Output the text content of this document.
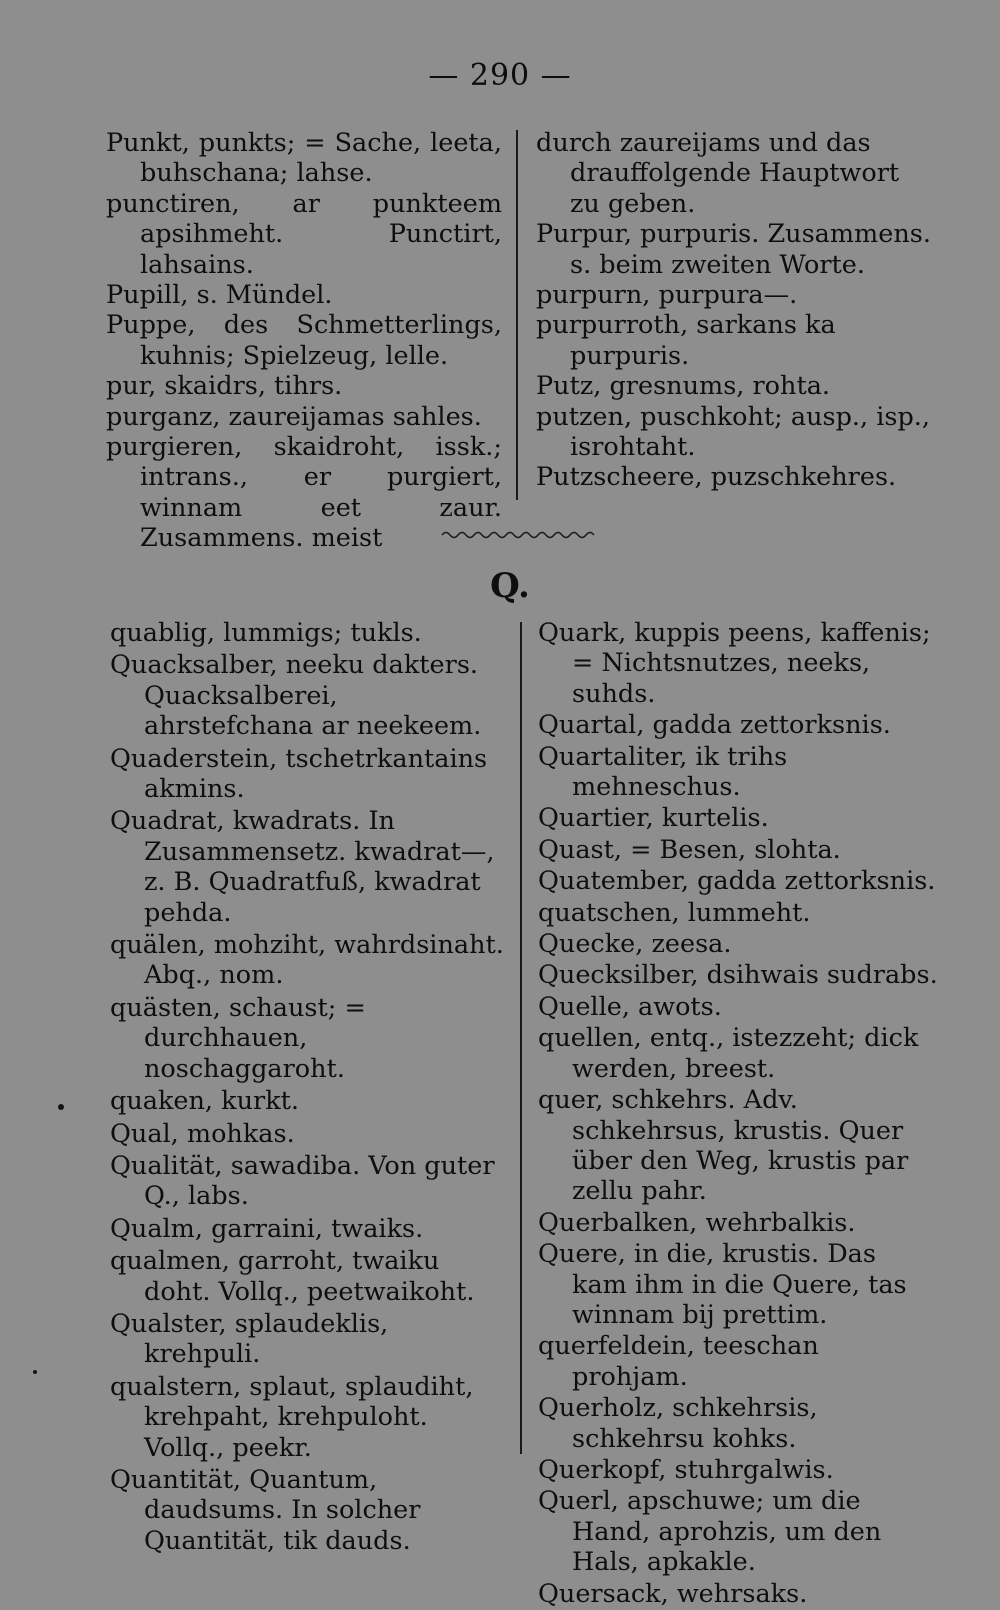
— 290 —

Punkt, punkts; = Sache, leeta, buhschana; lahse.

punctiren, ar punkteem apsihmeht. Punctirt, lahsains.

Pupill, s. Mündel.

Puppe, des Schmetterlings, kuhnis; Spielzeug, lelle.

pur, skaidrs, tihrs.

purganz, zaureijamas sahles.

purgieren, skaidroht, issk.; intrans., er purgiert, winnam eet zaur. Zusammens. meist

durch zaureijams und das drauffolgende Hauptwort zu geben.

Purpur, purpuris. Zusammens. s. beim zweiten Worte.

purpurn, purpura—.

purpurroth, sarkans ka purpuris.

Putz, gresnums, rohta.

putzen, puschkoht; ausp., isp., isrohtaht.

Putzscheere, puzschkehres.

Q.

quablig, lummigs; tukls.

Quacksalber, neeku dakters. Quacksalberei, ahrstefchana ar neekeem.

Quaderstein, tschetrkantains akmins.

Quadrat, kwadrats. In Zusammensetz. kwadrat—, z. B. Quadratfuß, kwadrat pehda.

quälen, mohziht, wahrdsinaht. Abq., nom.

quästen, schaust; = durchhauen, noschaggaroht.

quaken, kurkt.

Qual, mohkas.

Qualität, sawadiba. Von guter Q., labs.

Qualm, garraini, twaiks.

qualmen, garroht, twaiku doht. Vollq., peetwaikoht.

Qualster, splaudeklis, krehpuli.

qualstern, splaut, splaudiht, krehpaht, krehpuloht. Vollq., peekr.

Quantität, Quantum, daudsums. In solcher Quantität, tik dauds.

Quark, kuppis peens, kaffenis; = Nichtsnutzes, neeks, suhds.

Quartal, gadda zettorksnis.

Quartaliter, ik trihs mehneschus.

Quartier, kurtelis.

Quast, = Besen, slohta.

Quatember, gadda zettorksnis.

quatschen, lummeht.

Quecke, zeesa.

Quecksilber, dsihwais sudrabs.

Quelle, awots.

quellen, entq., istezzeht; dick werden, breest.

quer, schkehrs. Adv. schkehrsus, krustis. Quer über den Weg, krustis par zellu pahr.

Querbalken, wehrbalkis.

Quere, in die, krustis. Das kam ihm in die Quere, tas winnam bij prettim.

querfeldein, teeschan prohjam.

Querholz, schkehrsis, schkehrsu kohks.

Querkopf, stuhrgalwis.

Querl, apschuwe; um die Hand, aprohzis, um den Hals, apkakle.

Quersack, wehrsaks.
